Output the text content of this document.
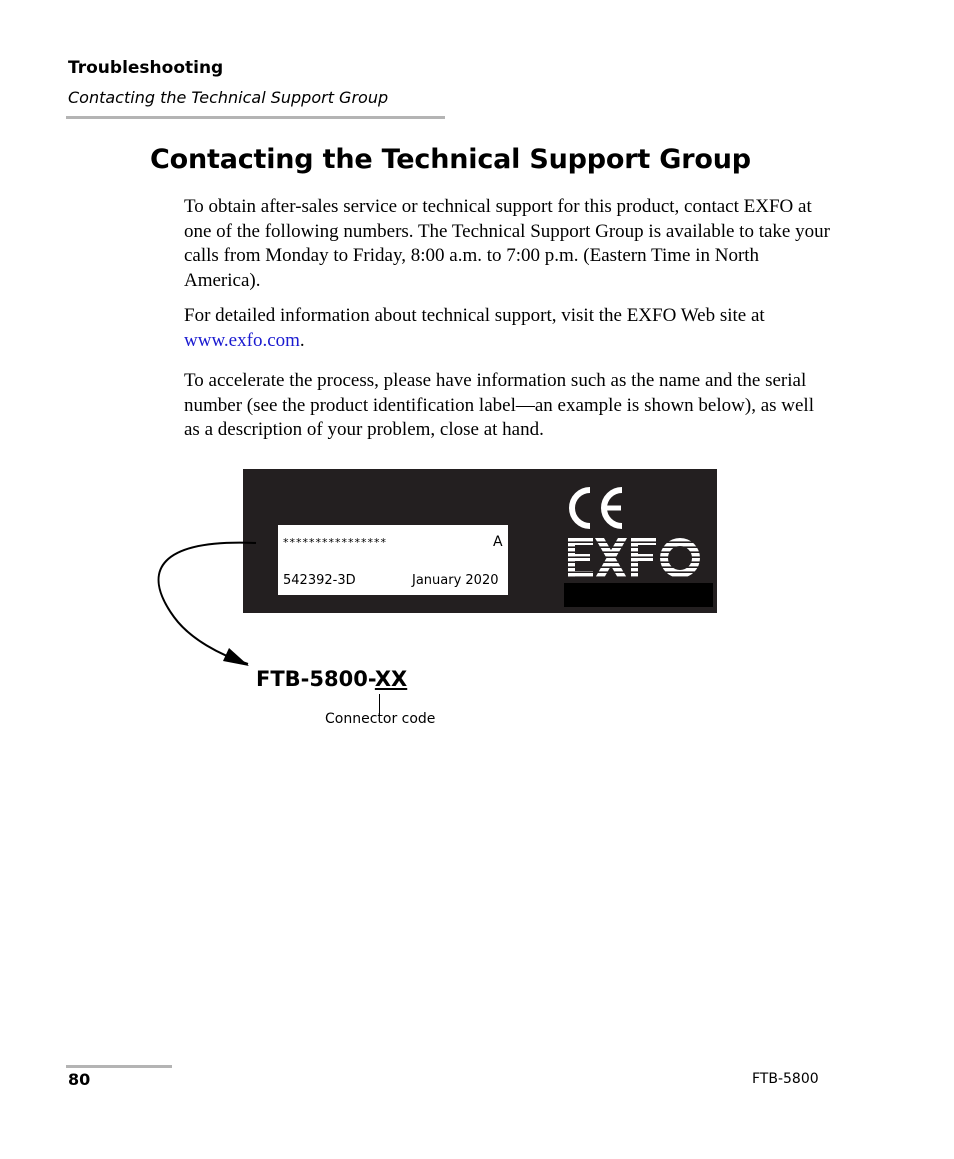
Troubleshooting
Contacting the Technical Support Group
Contacting the Technical Support Group

To obtain after-sales service or technical support for this product, contact EXFO at one of the following numbers. The Technical Support Group is available to take your calls from Monday to Friday, 8:00 a.m. to 7:00 p.m. (Eastern Time in North America).

For detailed information about technical support, visit the EXFO Web site at www.exfo.com.

To accelerate the process, please have information such as the name and the serial number (see the product identification label—an example is shown below), as well as a description of your problem, close at hand.

****************	A
542392-3D	January 2020
FTB-5800-XX
Connector code
80	FTB-5800
